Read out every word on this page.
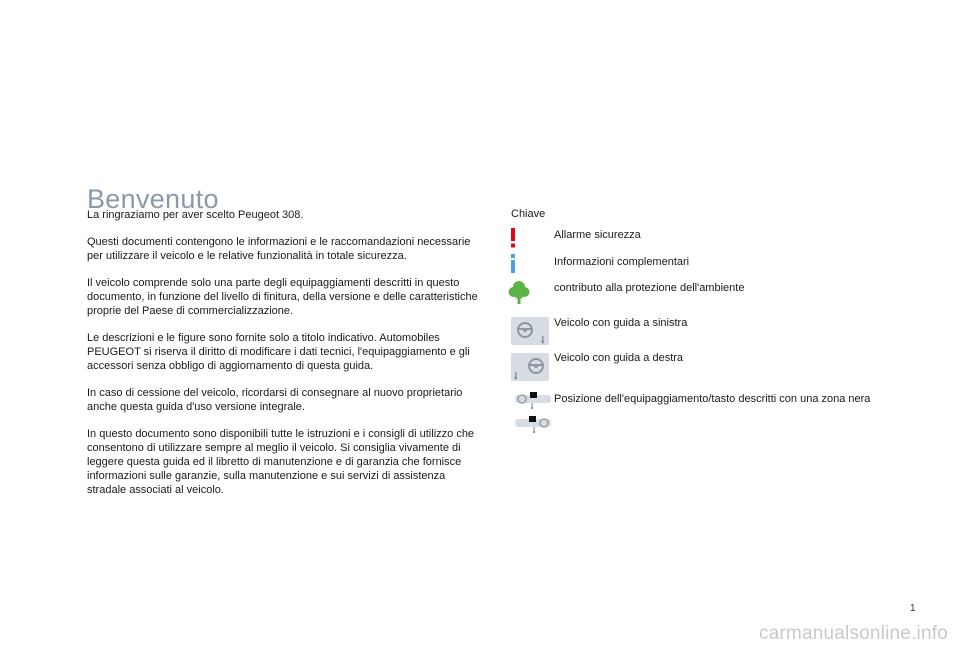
Benvenuto

La ringraziamo per aver scelto Peugeot 308.

Questi documenti contengono le informazioni e le raccomandazioni necessarie per utilizzare il veicolo e le relative funzionalità in totale sicurezza.

Il veicolo comprende solo una parte degli equipaggiamenti descritti in questo documento, in funzione del livello di finitura, della versione e delle caratteristiche proprie del Paese di commercializzazione.

Le descrizioni e le figure sono fornite solo a titolo indicativo. Automobiles PEUGEOT si riserva il diritto di modificare i dati tecnici, l'equipaggiamento e gli accessori senza obbligo di aggiornamento di questa guida.

In caso di cessione del veicolo, ricordarsi di consegnare al nuovo proprietario anche questa guida d'uso versione integrale.

In questo documento sono disponibili tutte le istruzioni e i consigli di utilizzo che consentono di utilizzare sempre al meglio il veicolo. Si consiglia vivamente di leggere questa guida ed il libretto di manutenzione e di garanzia che fornisce informazioni sulle garanzie, sulla manutenzione e sui servizi di assistenza stradale associati al veicolo.

Chiave
Allarme sicurezza
Informazioni complementari
contributo alla protezione dell'ambiente
Veicolo con guida a sinistra
Veicolo con guida a destra
Posizione dell'equipaggiamento/tasto descritti con una zona nera
1
carmanualsonline.info
